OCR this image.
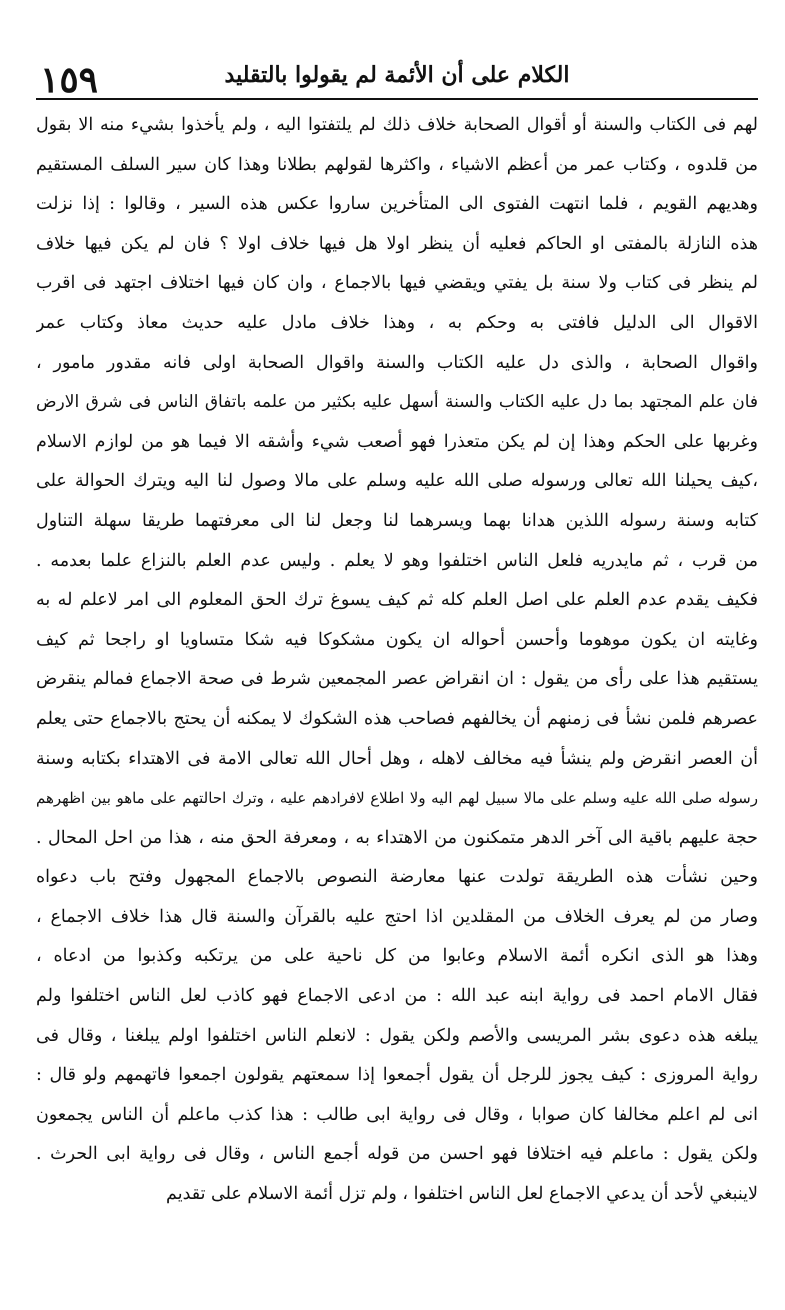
١٥٩	الكلام على أن الأئمة لم يقولوا بالتقليد
لهم فى الكتاب والسنة أو أقوال الصحابة خلاف ذلك لم يلتفتوا اليه ، ولم يأخذوا بشيء منه الا بقول
من قلدوه ، وكتاب عمر من أعظم الاشياء ، واكثرها لقولهم بطلانا وهذا كان سير السلف المستقيم
وهديهم القويم ، فلما انتهت الفتوى الى المتأخرين ساروا عكس هذه السير ، وقالوا : إذا نزلت
هذه النازلة بالمفتى او الحاكم فعليه أن ينظر اولا هل فيها خلاف اولا ؟ فان لم يكن فيها خلاف
لم ينظر فى كتاب ولا سنة بل يفتي ويقضي فيها بالاجماع ، وان كان فيها اختلاف اجتهد فى اقرب
الاقوال الى الدليل فافتى به وحكم به ، وهذا خلاف مادل عليه حديث معاذ وكتاب عمر
واقوال الصحابة ، والذى دل عليه الكتاب والسنة واقوال الصحابة اولى فانه مقدور مامور ،
فان علم المجتهد بما دل عليه الكتاب والسنة أسهل عليه بكثير من علمه باتفاق الناس فى شرق الارض
وغربها على الحكم وهذا إن لم يكن متعذرا فهو أصعب شيء وأشقه الا فيما هو من لوازم الاسلام
،كيف يحيلنا الله تعالى ورسوله صلى الله عليه وسلم على مالا وصول لنا اليه ويترك الحوالة على
كتابه وسنة رسوله اللذين هدانا بهما ويسرهما لنا وجعل لنا الى معرفتهما طريقا سهلة التناول
من قرب ، ثم مايدريه فلعل الناس اختلفوا وهو لا يعلم . وليس عدم العلم بالنزاع علما بعدمه .
فكيف يقدم عدم العلم على اصل العلم كله ثم كيف يسوغ ترك الحق المعلوم الى امر لاعلم له به
وغايته ان يكون موهوما وأحسن أحواله ان يكون مشكوكا فيه شكا متساويا او راجحا ثم كيف
يستقيم هذا على رأى من يقول : ان انقراض عصر المجمعين شرط فى صحة الاجماع فمالم ينقرض
عصرهم فلمن نشأ فى زمنهم أن يخالفهم فصاحب هذه الشكوك لا يمكنه أن يحتج بالاجماع حتى يعلم
أن العصر انقرض ولم ينشأ فيه مخالف لاهله ، وهل أحال الله تعالى الامة فى الاهتداء بكتابه وسنة
رسوله صلى الله عليه وسلم على مالا سبيل لهم اليه ولا اطلاع لافرادهم عليه ، وترك احالتهم على ماهو بين اظهرهم
حجة عليهم باقية الى آخر الدهر متمكنون من الاهتداء به ، ومعرفة الحق منه ، هذا من احل المحال .
وحين نشأت هذه الطريقة تولدت عنها معارضة النصوص بالاجماع المجهول وفتح باب دعواه
وصار من لم يعرف الخلاف من المقلدين اذا احتج عليه بالقرآن والسنة قال هذا خلاف الاجماع ،
وهذا هو الذى انكره أئمة الاسلام وعابوا من كل ناحية على من يرتكبه وكذبوا من ادعاه ،
فقال الامام احمد فى رواية ابنه عبد الله : من ادعى الاجماع فهو كاذب لعل الناس اختلفوا ولم
يبلغه هذه دعوى بشر المريسى والأصم ولكن يقول : لانعلم الناس اختلفوا اولم يبلغنا ، وقال فى
رواية المروزى : كيف يجوز للرجل أن يقول أجمعوا إذا سمعتهم يقولون اجمعوا فاتهمهم ولو قال :
انى لم اعلم مخالفا كان صوابا ، وقال فى رواية ابى طالب : هذا كذب ماعلم أن الناس يجمعون
ولكن يقول : ماعلم فيه اختلافا فهو احسن من قوله أجمع الناس ، وقال فى رواية ابى الحرث .
لاينبغي لأحد أن يدعي الاجماع لعل الناس اختلفوا ، ولم تزل أئمة الاسلام على تقديم
